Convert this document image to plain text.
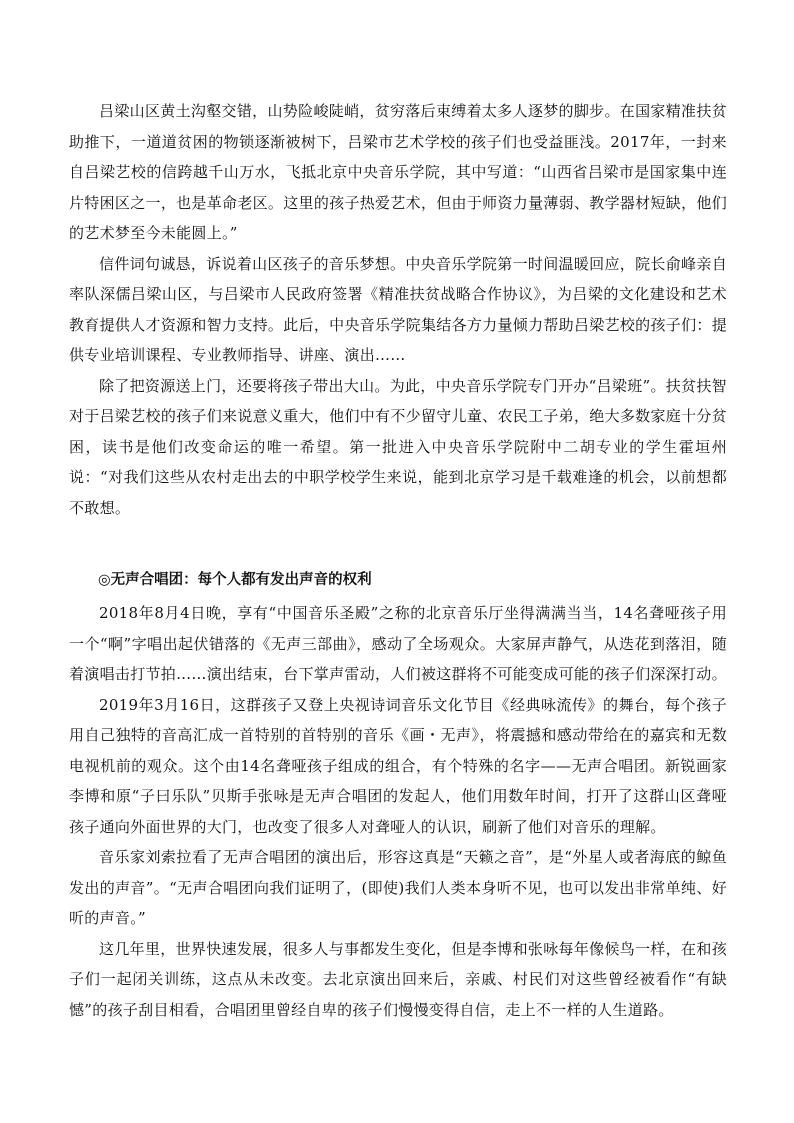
吕梁山区黄土沟壑交错，山势险峻陡峭，贫穷落后束缚着太多人逐梦的脚步。在国家精准扶贫助推下，一道道贫困的物锁逐渐被树下，吕梁市艺术学校的孩子们也受益匪浅。2017年，一封来自吕梁艺校的信跨越千山万水，飞抵北京中央音乐学院，其中写道：“山西省吕梁市是国家集中连片特困区之一，也是革命老区。这里的孩子热爱艺术，但由于师资力量薄弱、教学器材短缺，他们的艺术梦至今未能圆上。”

信件词句诚恳，诉说着山区孩子的音乐梦想。中央音乐学院第一时间温暖回应，院长俞峰亲自率队深儒吕梁山区，与吕梁市人民政府签署《精准扶贫战略合作协议》，为吕梁的文化建设和艺术教育提供人才资源和智力支持。此后，中央音乐学院集结各方力量倾力帮助吕梁艺校的孩子们：提供专业培训课程、专业教师指导、讲座、演出……

除了把资源送上门，还要将孩子带出大山。为此，中央音乐学院专门开办“吕梁班”。扶贫扶智对于吕梁艺校的孩子们来说意义重大，他们中有不少留守儿童、农民工子弟，绝大多数家庭十分贫困，读书是他们改变命运的唯一希望。第一批进入中央音乐学院附中二胡专业的学生霍垣州说：“对我们这些从农村走出去的中职学校学生来说，能到北京学习是千载难逢的机会，以前想都不敢想。

◎无声合唱团：每个人都有发出声音的权利

2018年8月4日晚，享有“中国音乐圣殿”之称的北京音乐厅坐得满满当当，14名聋哑孩子用一个“啊”字唱出起伏错落的《无声三部曲》，感动了全场观众。大家屏声静气，从迭花到落泪，随着演唱击打节拍……演出结束，台下掌声雷动，人们被这群将不可能变成可能的孩子们深深打动。

2019年3月16日，这群孩子又登上央视诗词音乐文化节目《经典咏流传》的舞台，每个孩子用自己独特的音高汇成一首特别的首特别的音乐《画・无声》，将震撼和感动带给在的嘉宾和无数电视机前的观众。这个由14名聋哑孩子组成的组合，有个特殊的名字——无声合唱团。新锐画家李博和原“子曰乐队”贝斯手张咏是无声合唱团的发起人，他们用数年时间，打开了这群山区聋哑孩子通向外面世界的大门，也改变了很多人对聋哑人的认识，刷新了他们对音乐的理解。

音乐家刘索拉看了无声合唱团的演出后，形容这真是“天籁之音”，是“外星人或者海底的鲸鱼发出的声音”。“无声合唱团向我们证明了，(即使)我们人类本身听不见，也可以发出非常单纯、好听的声音。”

这几年里，世界快速发展，很多人与事都发生变化，但是李博和张咏每年像候鸟一样，在和孩子们一起闭关训练，这点从未改变。去北京演出回来后，亲戚、村民们对这些曾经被看作“有缺憾”的孩子刮目相看，合唱团里曾经自卑的孩子们慢慢变得自信，走上不一样的人生道路。
